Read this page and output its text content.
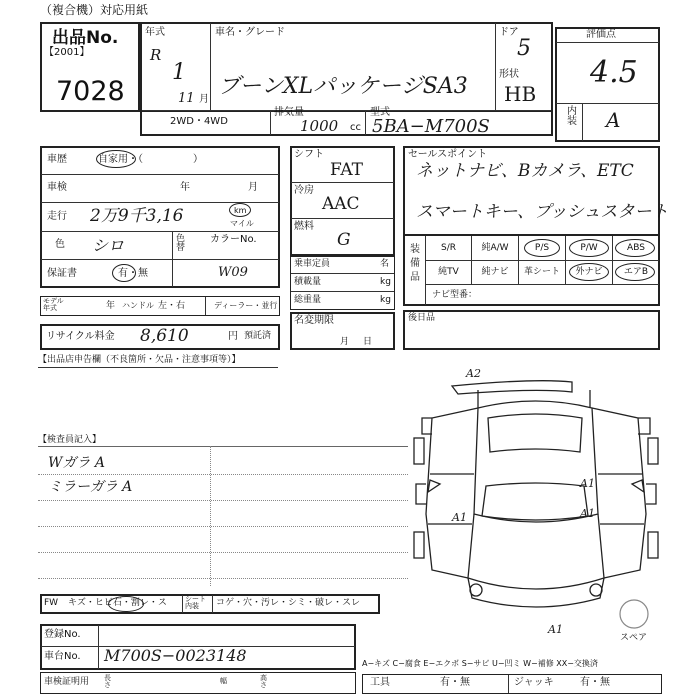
（複合機）対応用紙
出品No.
【2001】
7028
年式
R
1
11 月
車名・グレード
ブーンXLパッケージSA3
ドア
5
形状
HB
2WD・4WD
排気量
1000 cc
型式
5BA−M700S
評価点
4.5
内装 A
車歴	自家用・（　　　　　）
車検	年	月
走行 2万9千3,16	km
マイル
色 シロ	色替
カラーNo.
W09
保証書	有・無
モデル年式	年 ハンドル 左・右	ディーラー・並行
リサイクル料金 8,610	円 預託済
シフト
FAT
冷房
AAC
燃料
G
乗車定員	名
積載量	kg
総重量	kg
名変期限
月日
セールスポイント
ネットナビ、Bカメラ、ETC
スマートキー、プッシュスタート
装備品
S/R	純A/W	P/S	P/W	ABS
純TV	純ナビ	革シート	外ナビ	エアB
ナビ型番：
後日品
【出品店申告欄（不良箇所・欠品・注意事項等）】
【検査員記入】
Wガラ A
ミラーガラ A
A2
A1
A1	A1
A1
スペア
FW キズ・ヒビ石・割レ・ス	シート内装	コゲ・穴・汚レ・シミ・破レ・スレ
登録No.
車台No. M700S−0023148
車検証明用 長さ	幅	高さ
A−キズ C−腐食 E−エクボ S−サビ U−凹ミ W−補修 XX−交換済
工具	有・無	ジャッキ	有・無
